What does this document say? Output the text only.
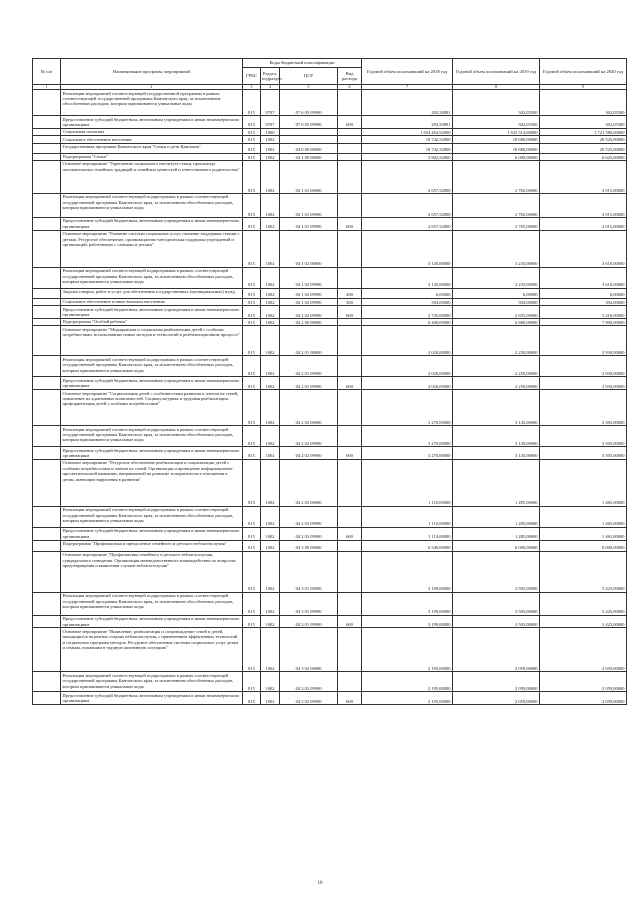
№ п/п	Наименование программ, мероприятий	Коды бюджетной классификации				Годовой объем ассигнований на 2018 год	Годовой объем ассигнований на 2019 год	Годовой объем ассигнований на 2020 год
		ГРБС	Раздел, подраздел	ЦСР	Вид расхода			
1	2	3	4	5	6	7	8	9
	Реализация мероприятий соответствующей государственной программы в рамках соответствующей государственной программы Камчатского края, за исключением обособленных расходов, которым присваиваются уникальные коды	815	0707	07 6 05 09990		293,50891	302,05500	302,05500
	Предоставление субсидий бюджетным, автономным учреждениям и иным некоммерческим организациям	815	0707	07 6 05 09990	600	293,50891	302,05500	302,05500
	Социальная политика	815	1000			1 654 464,92000	1 632 514,60000	1 721 580,60000
	Социальное обеспечение населения	815	1002			18 742,52000	18 680,00000	20 525,00000
	Государственная программа Камчатского края "Семья и дети Камчатки"	815	1002	04 0 00 00000		18 742,52000	18 680,00000	20 525,00000
	Подпрограмма "Семья"	815	1002	04 1 00 00000		5 802,52000	6 000,00000	6 625,00000
	Основное мероприятие "Укрепление социального института семьи, пропаганда положительных семейных традиций и семейных ценностей и ответственного родительства"	815	1002	04 1 01 00000		2 657,52000	2 765,00000	3 015,00000
	Реализация мероприятий соответствующей подпрограммы в рамках соответствующей государственной программы Камчатского края, за исключением обособленных расходов, которым присваиваются уникальные коды	815	1002	04 1 01 09990		2 657,52000	2 765,00000	3 015,00000
	Предоставление субсидий бюджетным, автономным учреждениям и иным некоммерческим организациям	815	1002	04 1 01 09990	600	2 657,52000	2 765,00000	3 015,00000
	Основное мероприятие "Развитие системы социальных услуг, оказание поддержки семьям с детьми. Ресурсное обеспечение, организационно-методическая поддержка учреждений и организаций, работающих с семьями и детьми"	815	1002	04 1 02 00000		3 145,00000	3 235,00000	3 610,00000
	Реализация мероприятий соответствующей подпрограммы в рамках соответствующей государственной программы Камчатского края, за исключением обособленных расходов, которым присваиваются уникальные коды	815	1002	04 1 02 09990		3 145,00000	3 235,00000	3 610,00000
	Закупка товаров, работ и услуг для обеспечения государственных (муниципальных) нужд	815	1002	04 1 02 09990	200	6,00000	6,00000	6,00000
	Социальное обеспечение и иные выплаты населению	815	1002	04 1 02 09990	300	394,00000	394,00000	394,00000
	Предоставление субсидий бюджетным, автономным учреждениям и иным некоммерческим организациям	815	1002	04 1 02 09990	600	2 745,00000	2 835,00000	3 210,00000
	Подпрограмма "Особый ребенок"	815	1002	04 2 00 00000		6 400,00000	6 680,00000	7 900,00000
	Основное мероприятие "Медицинская и социальная реабилитация детей с особыми потребностями, использование новых методов и технологий в реабилитационном процессе"	815	1002	04 2 01 00000		2 020,00000	2 250,00000	2 930,00000
	Реализация мероприятий соответствующей подпрограммы в рамках соответствующей государственной программы Камчатского края, за исключением обособленных расходов, которым присваиваются уникальные коды	815	1002	04 2 01 09990		2 020,00000	2 250,00000	2 930,00000
	Предоставление субсидий бюджетным, автономным учреждениям и иным некоммерческим организациям	815	1002	04 2 01 09990	600	2 020,00000	2 250,00000	2 930,00000
	Основное мероприятие "Социализация детей с особенностями развития и членов их семей, повышение их адаптивных возможностей. Социокультурная и трудовая реабилитация, профориентация детей с особыми потребностями"	815	1002	04 2 02 00000		3 270,00000	3 145,00000	3 505,00000
	Реализация мероприятий соответствующей подпрограммы в рамках соответствующей государственной программы Камчатского края, за исключением обособленных расходов, которым присваиваются уникальные коды	815	1002	04 2 02 09990		3 270,00000	3 145,00000	3 505,00000
	Предоставление субсидий бюджетным, автономным учреждениям и иным некоммерческим организациям	815	1002	04 2 02 09990	600	3 270,00000	3 145,00000	3 505,00000
	Основное мероприятие "Ресурсное обеспечение реабилитации и социализации детей с особыми потребностями и членов их семей. Организация и проведение информационно-просветительской кампании, направленной на развитие толерантности в отношении к детям, имеющим нарушения в развитии"	815	1002	04 2 03 00000		1 110,00000	1 285,00000	1 465,00000
	Реализация мероприятий соответствующей подпрограммы в рамках соответствующей государственной программы Камчатского края, за исключением обособленных расходов, которым присваиваются уникальные коды	815	1002	04 2 03 09990		1 110,00000	1 285,00000	1 465,00000
	Предоставление субсидий бюджетным, автономным учреждениям и иным некоммерческим организациям	815	1002	04 2 03 09990	600	1 110,00000	1 285,00000	1 465,00000
	Подпрограмма "Профилактика и преодоление семейного и детского неблагополучия"	815	1002	04 3 00 00000		6 540,00000	6 000,00000	6 000,00000
	Основное мероприятие "Профилактика семейного и детского неблагополучия, суицидального поведения. Организация межведомственного взаимодействия по вопросам предотвращения и выявления случаев неблагополучия"	815	1002	04 3 01 00000		3 199,00000	3 505,00000	3 425,00000
	Реализация мероприятий соответствующей подпрограммы в рамках соответствующей государственной программы Камчатского края, за исключением обособленных расходов, которым присваиваются уникальные коды	815	1002	04 3 01 09990		3 199,00000	3 505,00000	3 425,00000
	Предоставление субсидий бюджетным, автономным учреждениям и иным некоммерческим организациям	815	1002	04 3 01 09990	600	3 199,00000	3 505,00000	3 425,00000
	Основное мероприятие "Выявление, реабилитация и сопровождение семей и детей, находящихся на разных стадиях неблагополучия, с применением эффективных технологий и социальных программ методов. Ресурсное обеспечение системы социальных услуг детям и семьям, попавшим в трудную жизненную ситуацию"	815	1002	04 3 02 00000		2 195,00000	2 059,00000	2 059,00000
	Реализация мероприятий соответствующей подпрограммы в рамках соответствующей государственной программы Камчатского края, за исключением обособленных расходов, которым присваиваются уникальные коды	815	1002	04 3 02 09990		2 195,00000	2 059,00000	2 059,00000
	Предоставление субсидий бюджетным, автономным учреждениям и иным некоммерческим организациям	815	1002	04 3 02 09990	600	2 195,00000	2 059,00000	2 059,00000
10
